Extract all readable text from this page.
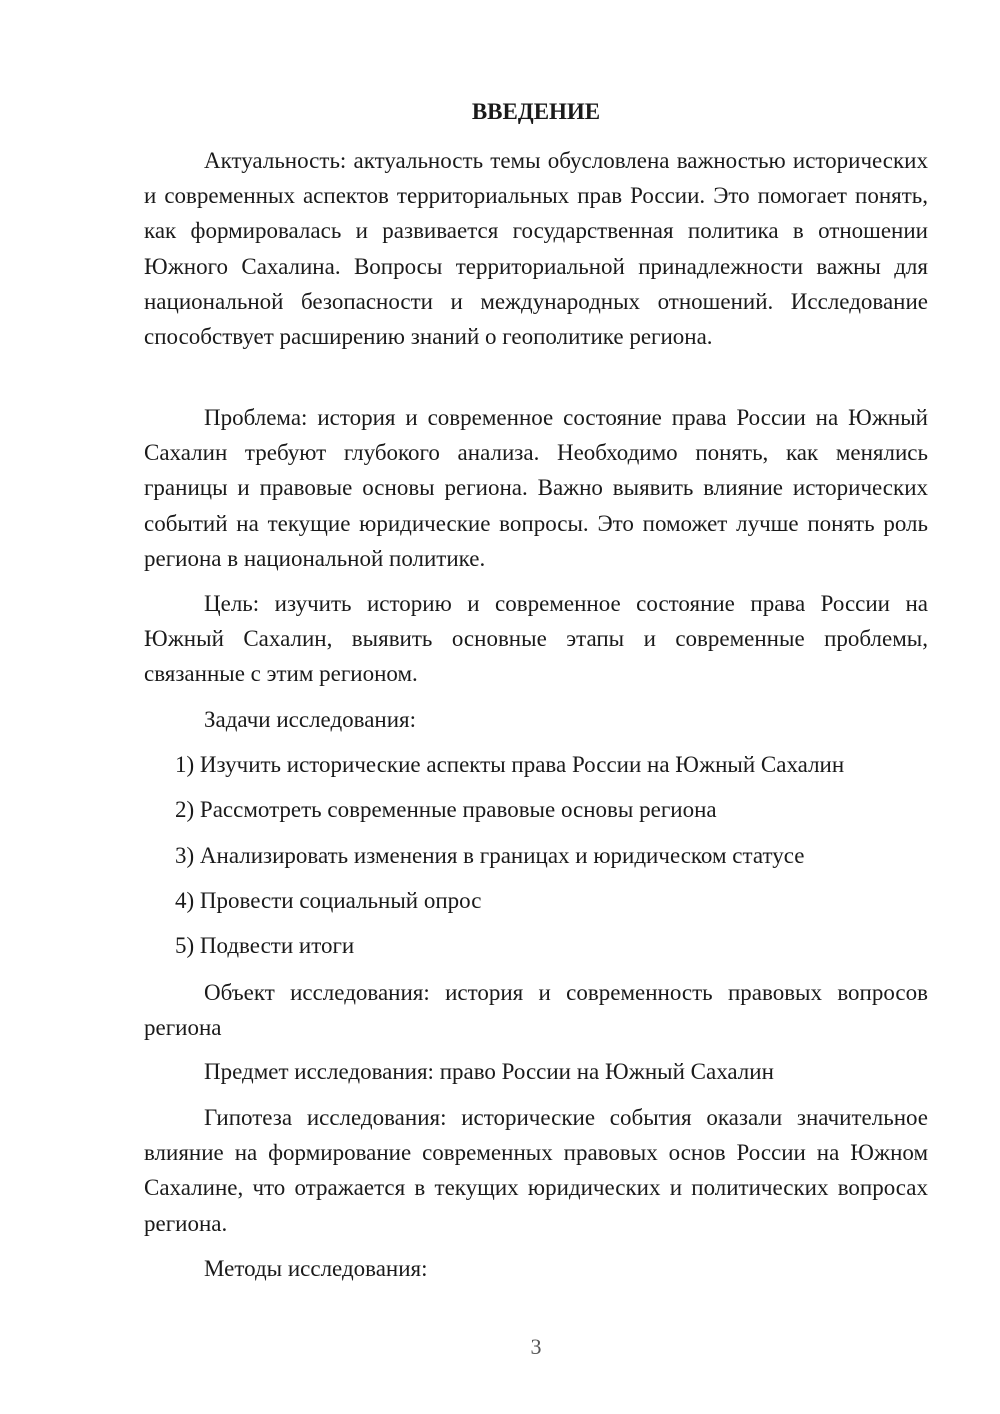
ВВЕДЕНИЕ
Актуальность: актуальность темы обусловлена важностью исторических и современных аспектов территориальных прав России. Это помогает понять, как формировалась и развивается государственная политика в отношении Южного Сахалина. Вопросы территориальной принадлежности важны для национальной безопасности и международных отношений. Исследование способствует расширению знаний о геополитике региона.
Проблема: история и современное состояние права России на Южный Сахалин требуют глубокого анализа. Необходимо понять, как менялись границы и правовые основы региона. Важно выявить влияние исторических событий на текущие юридические вопросы. Это поможет лучше понять роль региона в национальной политике.
Цель: изучить историю и современное состояние права России на Южный Сахалин, выявить основные этапы и современные проблемы, связанные с этим регионом.
Задачи исследования:
1) Изучить исторические аспекты права России на Южный Сахалин
2) Рассмотреть современные правовые основы региона
3) Анализировать изменения в границах и юридическом статусе
4) Провести социальный опрос
5) Подвести итоги
Объект исследования: история и современность правовых вопросов региона
Предмет исследования: право России на Южный Сахалин
Гипотеза исследования: исторические события оказали значительное влияние на формирование современных правовых основ России на Южном Сахалине, что отражается в текущих юридических и политических вопросах региона.
Методы исследования:
3
